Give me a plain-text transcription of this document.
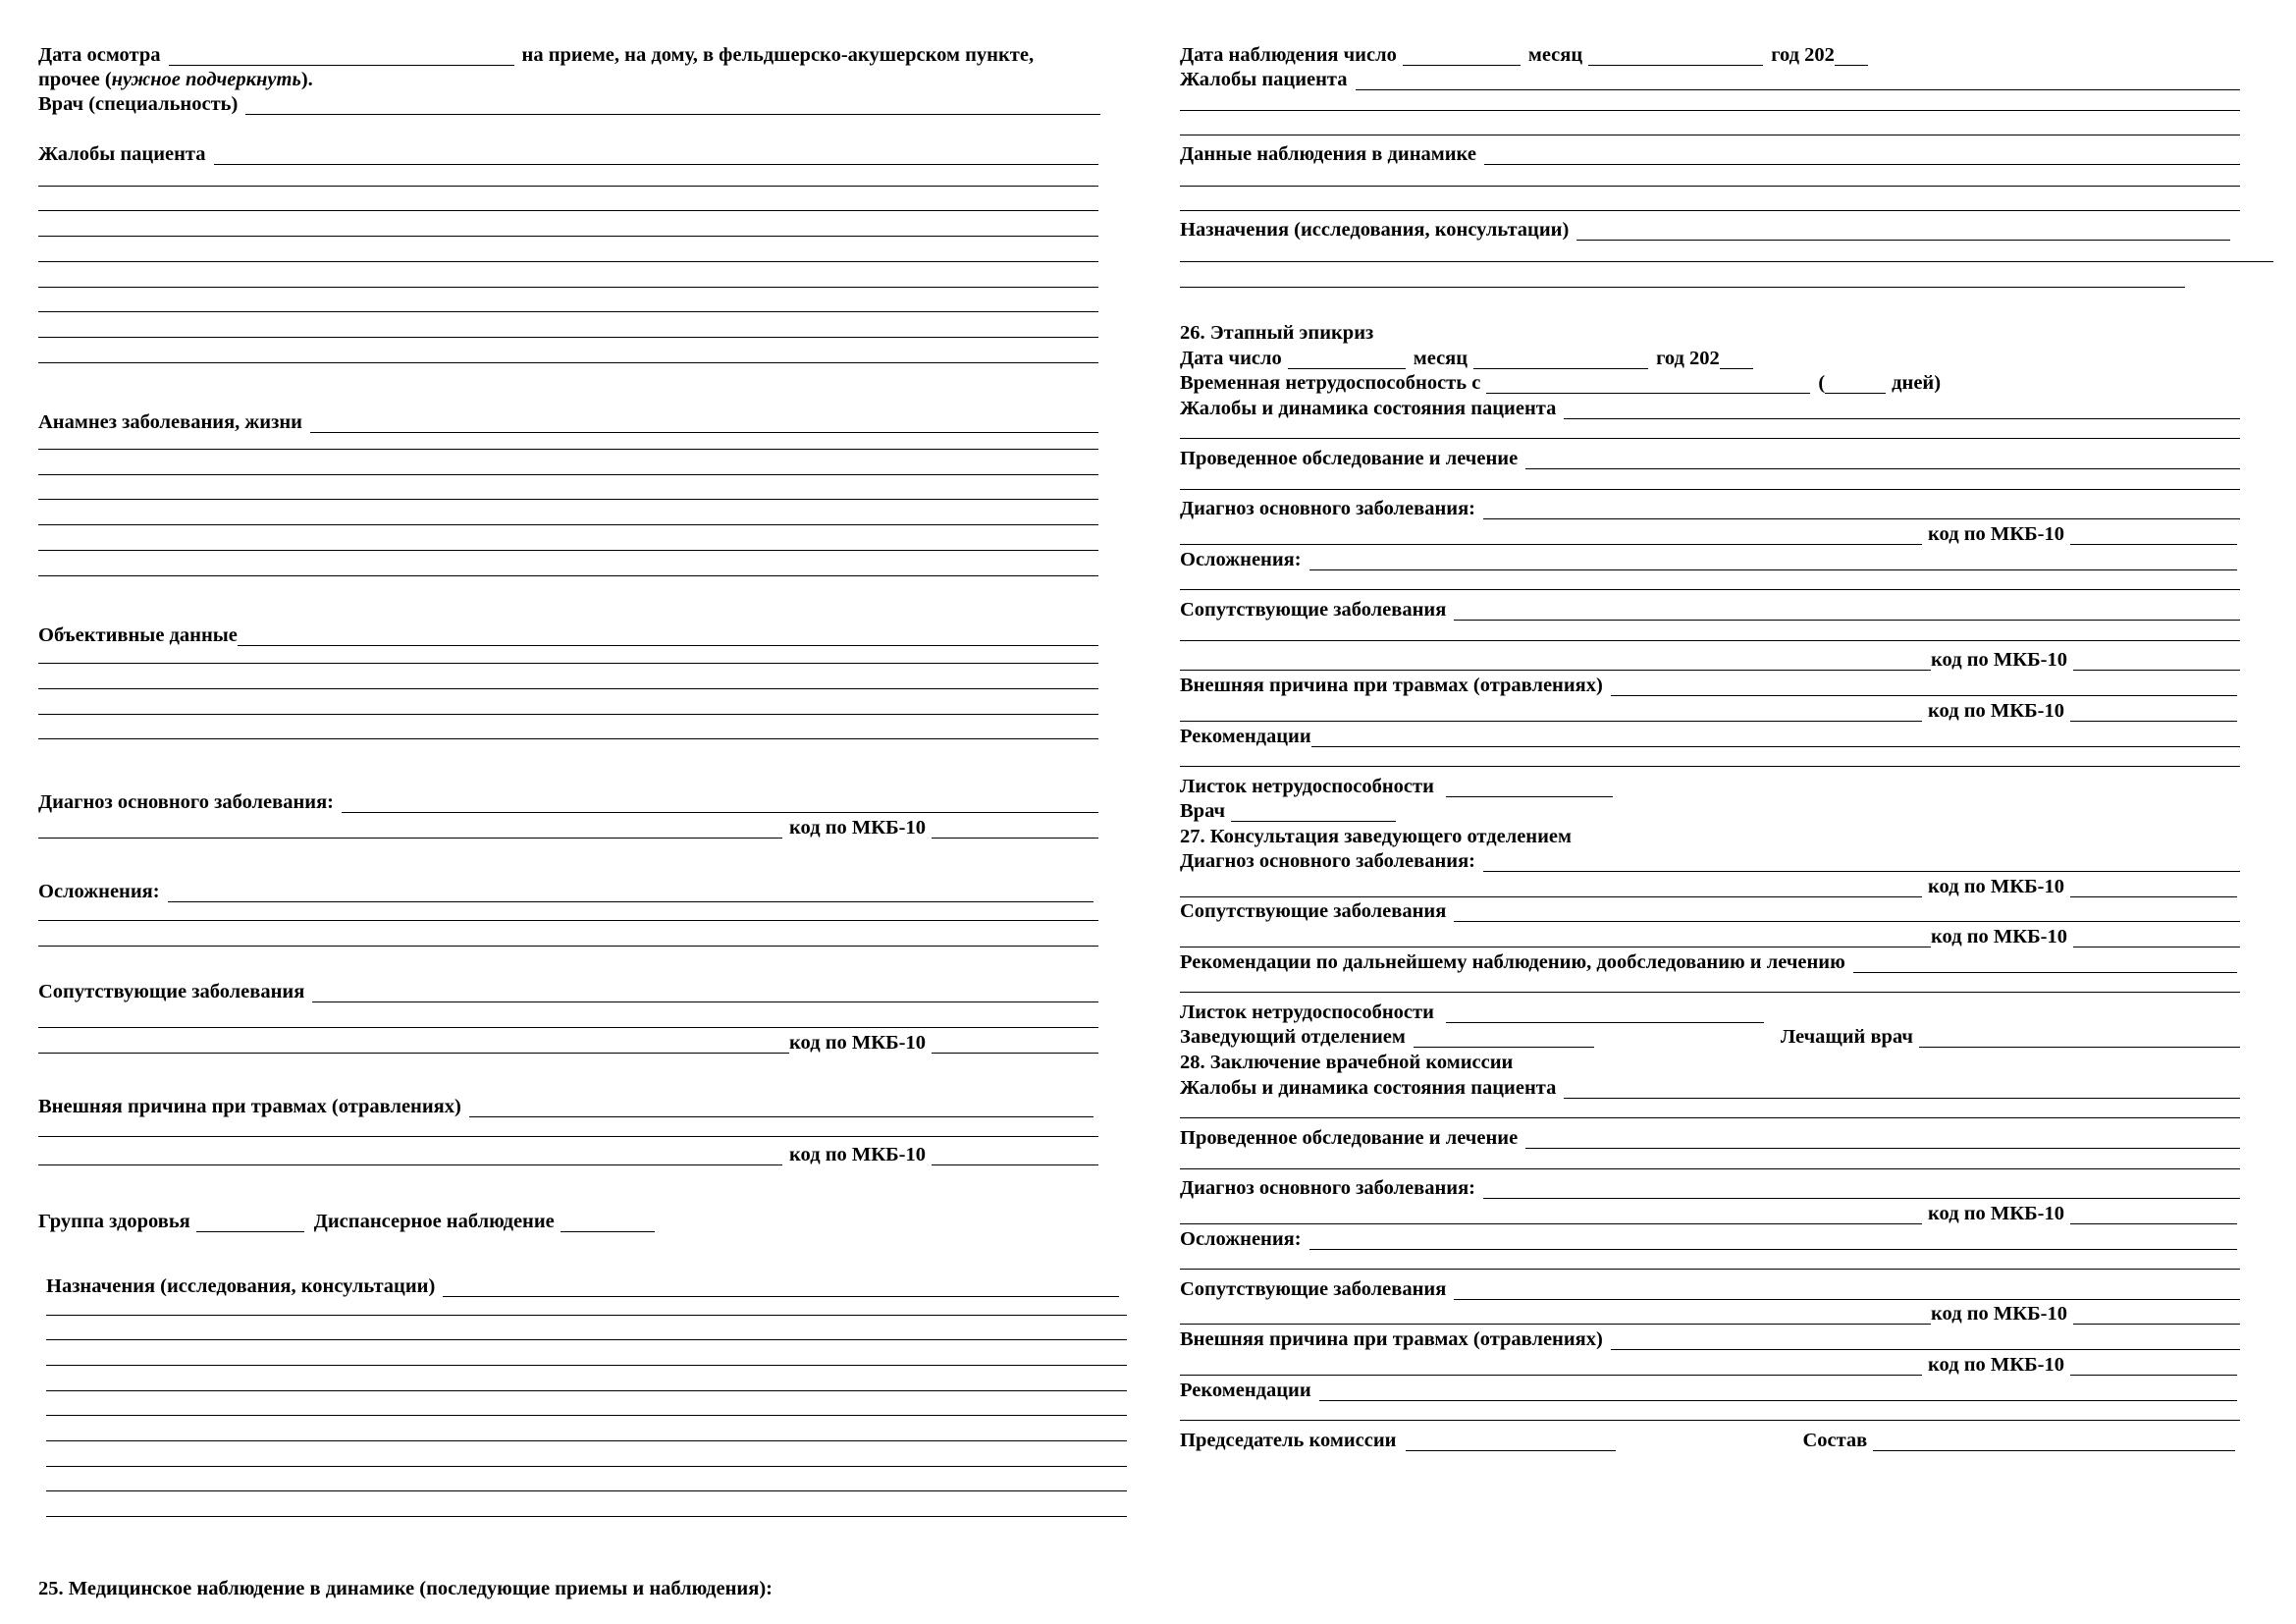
Дата осмотра	на приеме, на дому, в фельдшерско-акушерском пункте,
прочее ( нужное подчеркнуть ).
Врач (специальность)
Жалобы пациента
Анамнез заболевания, жизни
Объективные данные
Диагноз основного заболевания:
код по МКБ-10
Осложнения:
Сопутствующие заболевания
код по МКБ-10
Внешняя причина при травмах (отравлениях)
код по МКБ-10
Группа здоровья	Диспансерное наблюдение
Назначения (исследования, консультации)
25. Медицинское наблюдение в динамике (последующие приемы и наблюдения):
Дата наблюдения число	месяц	год 202
Жалобы пациента
Данные наблюдения в динамике
Назначения (исследования, консультации)
26. Этапный эпикриз
Дата число	месяц	год 202
Временная нетрудоспособность с	(	дней)
Жалобы и динамика состояния пациента
Проведенное обследование и лечение
Диагноз основного заболевания:
код по МКБ-10
Осложнения:
Сопутствующие заболевания
код по МКБ-10
Внешняя причина при травмах (отравлениях)
код по МКБ-10
Рекомендации
Листок нетрудоспособности
Врач
27. Консультация заведующего отделением
Диагноз основного заболевания:
код по МКБ-10
Сопутствующие заболевания
код по МКБ-10
Рекомендации по дальнейшему наблюдению, дообследованию и лечению
Листок нетрудоспособности
Заведующий отделением	Лечащий врач
28. Заключение врачебной комиссии
Жалобы и динамика состояния пациента
Проведенное обследование и лечение
Диагноз основного заболевания:
код по МКБ-10
Осложнения:
Сопутствующие заболевания
код по МКБ-10
Внешняя причина при травмах (отравлениях)
код по МКБ-10
Рекомендации
Председатель комиссии	Состав
